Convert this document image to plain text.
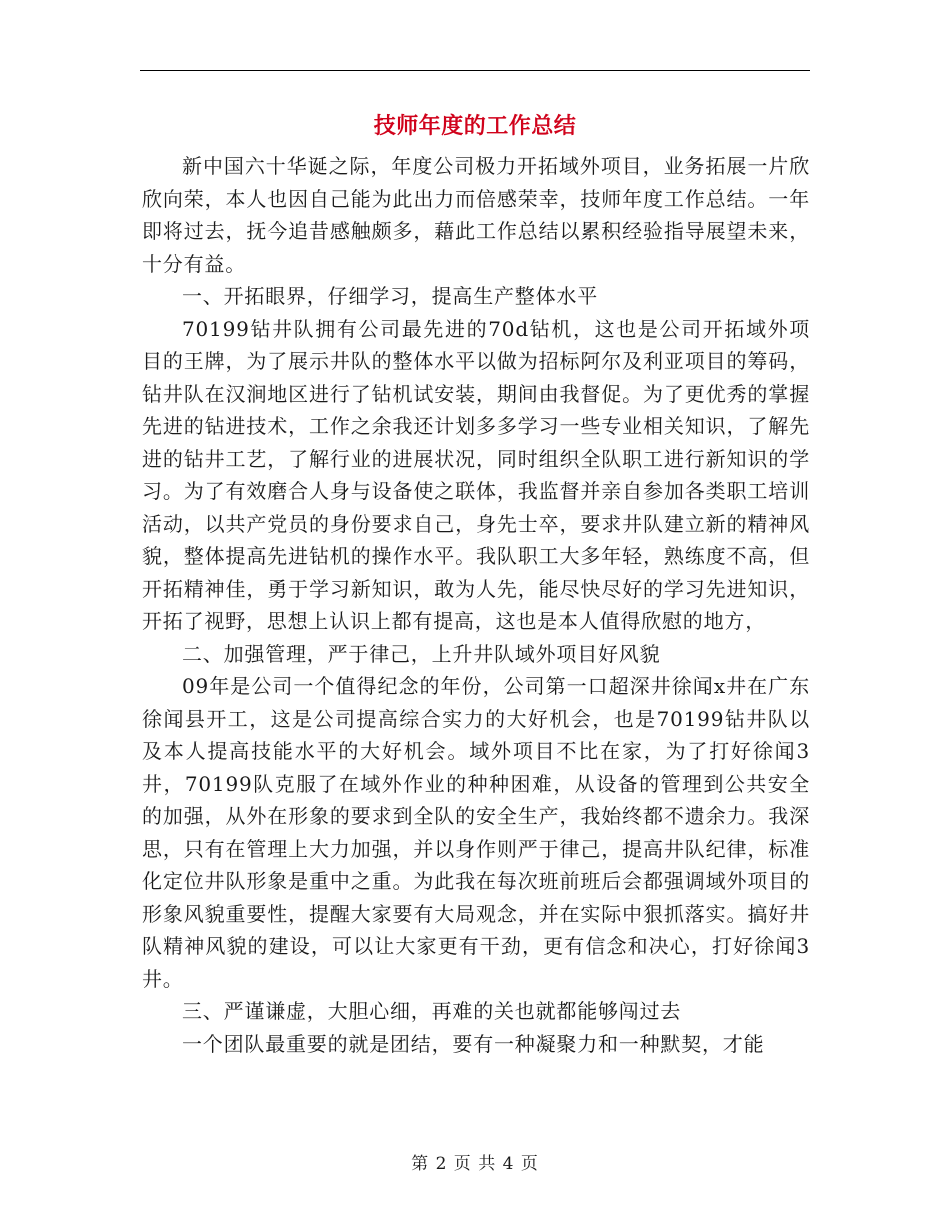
技师年度的工作总结

新中国六十华诞之际，年度公司极力开拓域外项目，业务拓展一片欣欣向荣，本人也因自己能为此出力而倍感荣幸，技师年度工作总结。一年即将过去，抚今追昔感触颇多，藉此工作总结以累积经验指导展望未来，十分有益。

一、开拓眼界，仔细学习，提高生产整体水平

70199钻井队拥有公司最先进的70d钻机，这也是公司开拓域外项目的王牌，为了展示井队的整体水平以做为招标阿尔及利亚项目的筹码，钻井队在汉涧地区进行了钻机试安装，期间由我督促。为了更优秀的掌握先进的钻进技术，工作之余我还计划多多学习一些专业相关知识，了解先进的钻井工艺，了解行业的进展状况，同时组织全队职工进行新知识的学习。为了有效磨合人身与设备使之联体，我监督并亲自参加各类职工培训活动，以共产党员的身份要求自己，身先士卒，要求井队建立新的精神风貌，整体提高先进钻机的操作水平。我队职工大多年轻，熟练度不高，但开拓精神佳，勇于学习新知识，敢为人先，能尽快尽好的学习先进知识，开拓了视野，思想上认识上都有提高，这也是本人值得欣慰的地方，

二、加强管理，严于律己，上升井队域外项目好风貌

09年是公司一个值得纪念的年份，公司第一口超深井徐闻x井在广东徐闻县开工，这是公司提高综合实力的大好机会，也是70199钻井队以及本人提高技能水平的大好机会。域外项目不比在家，为了打好徐闻3井，70199队克服了在域外作业的种种困难，从设备的管理到公共安全的加强，从外在形象的要求到全队的安全生产，我始终都不遗余力。我深思，只有在管理上大力加强，并以身作则严于律己，提高井队纪律，标准化定位井队形象是重中之重。为此我在每次班前班后会都强调域外项目的形象风貌重要性，提醒大家要有大局观念，并在实际中狠抓落实。搞好井队精神风貌的建设，可以让大家更有干劲，更有信念和决心，打好徐闻3井。

三、严谨谦虚，大胆心细，再难的关也就都能够闯过去

一个团队最重要的就是团结，要有一种凝聚力和一种默契，才能

第 2 页 共 4 页
